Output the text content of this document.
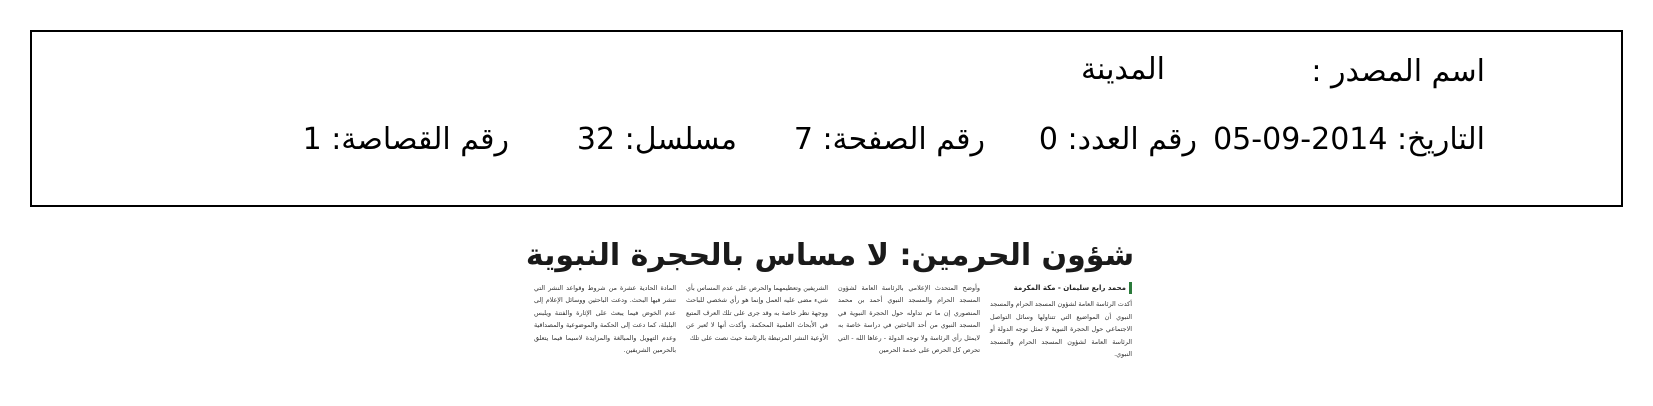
اسم المصدر :
المدينة
التاريخ: 2014-09-05
رقم العدد: 0
رقم الصفحة: 7
مسلسل: 32
رقم القصاصة: 1
شؤون الحرمين: لا مساس بالحجرة النبوية
محمد رابع سليمان - مكة المكرمة

أكدت الرئاسة العامة لشؤون المسجد الحرام والمسجد النبوي أن المواضيع التي تتناولها وسائل التواصل الاجتماعي حول الحجرة النبوية لا تمثل توجه الدولة أو الرئاسة العامة لشؤون المسجد الحرام والمسجد النبوي.

وأوضح المتحدث الإعلامي بالرئاسة العامة لشؤون المسجد الحرام والمسجد النبوي أحمد بن محمد المنصوري إن ما تم تداوله حول الحجرة النبوية في المسجد النبوي من أحد الباحثين في دراسة خاصة به لايمثل رأي الرئاسة ولا توجه الدولة - رعاها الله - التي تحرص كل الحرص على خدمة الحرمين

الشريفين وتعظيمهما والحرص على عدم المساس بأي شيء مضى عليه العمل وإنما هو رأي شخصي للباحث ووجهة نظر خاصة به وقد جرى على تلك العرف المتبع في الأبحاث العلمية المحكمة. وأكدت أنها لا تُعبر عن الأوعية النشر المرتبطة بالرئاسة حيث نصت على تلك

المادة الحادية عشرة من شروط وقواعد النشر التي تنشر فيها البحث. ودعت الباحثين ووسائل الإعلام إلى عدم الخوض فيما يبعث على الإثارة والفتنة ويلبس البلبلة، كما دعت إلى الحكمة والموضوعية والمصداقية وعدم التهويل والمبالغة والمزايدة لاسيما فيما يتعلق بالحرمين الشريفين.
